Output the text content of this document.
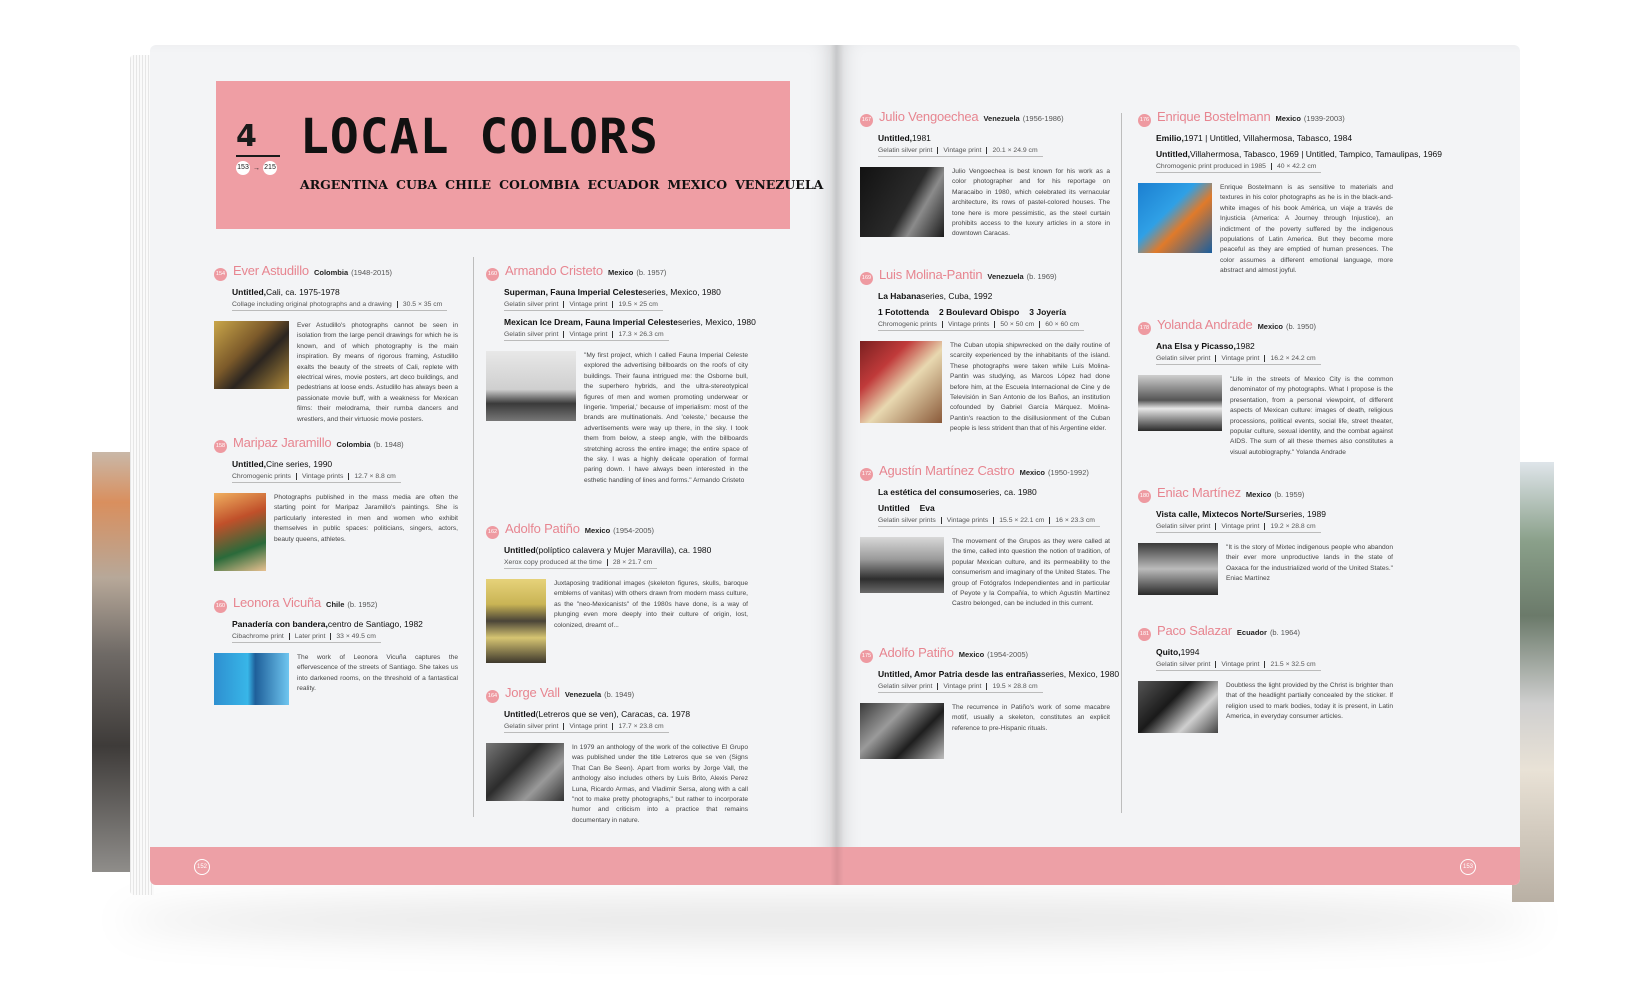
4
153 → 215
LOCAL COLORS
ARGENTINA CUBA CHILE COLOMBIA ECUADOR MEXICO VENEZUELA
154 Ever Astudillo Colombia (1948-2015)
Untitled,Cali, ca. 1975-1978
Collage including original photographs and a drawing	30.5 × 35 cm
Ever Astudillo's photographs cannot be seen in isolation from the large pencil drawings for which he is known, and of which photography is the main inspiration. By means of rigorous framing, Astudillo exalts the beauty of the streets of Cali, replete with electrical wires, movie posters, art deco buildings, and pedestrians at loose ends. Astudillo has always been a passionate movie buff, with a weakness for Mexican films: their melodrama, their rumba dancers and wrestlers, and their virtuosic movie posters.
158 Maripaz Jaramillo Colombia (b. 1948)
Untitled,Cine series, 1990
Chromogenic prints	Vintage prints	12.7 × 8.8 cm
Photographs published in the mass media are often the starting point for Maripaz Jaramillo's paintings. She is particularly interested in men and women who exhibit themselves in public spaces: politicians, singers, actors, beauty queens, athletes.
160 Leonora Vicuña Chile (b. 1952)
Panadería con bandera,centro de Santiago, 1982
Cibachrome print	Later print	33 × 49.5 cm
The work of Leonora Vicuña captures the effervescence of the streets of Santiago. She takes us into darkened rooms, on the threshold of a fantastical reality.
160 Armando Cristeto Mexico (b. 1957)
Superman, Fauna Imperial Celesteseries, Mexico, 1980
Gelatin silver print	Vintage print	19.5 × 25 cm
Mexican Ice Dream, Fauna Imperial Celesteseries, Mexico, 1980
Gelatin silver print	Vintage print	17.3 × 26.3 cm
"My first project, which I called Fauna Imperial Celeste explored the advertising billboards on the roofs of city buildings. Their fauna intrigued me: the Osborne bull, the superhero hybrids, and the ultra-stereotypical figures of men and women promoting underwear or lingerie. 'Imperial,' because of imperialism: most of the brands are multinationals. And 'celeste,' because the advertisements were way up there, in the sky. I took them from below, a steep angle, with the billboards stretching across the entire image; the entire space of the sky. I was a highly delicate operation of formal paring down. I have always been interested in the esthetic handling of lines and forms." Armando Cristeto
162 Adolfo Patiño Mexico (1954-2005)
Untitled(políptico calavera y Mujer Maravilla), ca. 1980
Xerox copy produced at the time	28 × 21.7 cm
Juxtaposing traditional images (skeleton figures, skulls, baroque emblems of vanitas) with others drawn from modern mass culture, as the "neo-Mexicanists" of the 1980s have done, is a way of plunging even more deeply into their culture of origin, lost, colonized, dreamt of...
164 Jorge Vall Venezuela (b. 1949)
Untitled(Letreros que se ven), Caracas, ca. 1978
Gelatin silver print	Vintage print	17.7 × 23.8 cm
In 1979 an anthology of the work of the collective El Grupo was published under the title Letreros que se ven (Signs That Can Be Seen). Apart from works by Jorge Vall, the anthology also includes others by Luis Brito, Alexis Perez Luna, Ricardo Armas, and Vladimir Sersa, along with a call "not to make pretty photographs," but rather to incorporate humor and criticism into a practice that remains documentary in nature.
152
167 Julio Vengoechea Venezuela (1956-1986)
Untitled,1981
Gelatin silver print	Vintage print	20.1 × 24.9 cm
Julio Vengoechea is best known for his work as a color photographer and for his reportage on Maracaibo in 1980, which celebrated its vernacular architecture, its rows of pastel-colored houses. The tone here is more pessimistic, as the steel curtain prohibits access to the luxury articles in a store in downtown Caracas.
169 Luis Molina-Pantin Venezuela (b. 1969)
La Habanaseries, Cuba, 1992
1 Fotottenda 2 Boulevard Obispo 3 Joyería
Chromogenic prints	Vintage prints	50 × 50 cm	60 × 60 cm
The Cuban utopia shipwrecked on the daily routine of scarcity experienced by the inhabitants of the island. These photographs were taken while Luis Molina-Pantin was studying, as Marcos López had done before him, at the Escuela Internacional de Cine y de Televisión in San Antonio de los Baños, an institution cofounded by Gabriel García Márquez. Molina-Pantin's reaction to the disillusionment of the Cuban people is less strident than that of his Argentine elder.
172 Agustín Martínez Castro Mexico (1950-1992)
La estética del consumoseries, ca. 1980
Untitled Eva
Gelatin silver prints	Vintage prints	15.5 × 22.1 cm	16 × 23.3 cm
The movement of the Grupos as they were called at the time, called into question the notion of tradition, of popular Mexican culture, and its permeability to the consumerism and imaginary of the United States. The group of Fotógrafos Independientes and in particular of Peyote y la Compañía, to which Agustín Martínez Castro belonged, can be included in this current.
175 Adolfo Patiño Mexico (1954-2005)
Untitled, Amor Patria desde las entrañasseries, Mexico, 1980
Gelatin silver print	Vintage print	19.5 × 28.8 cm
The recurrence in Patiño's work of some macabre motif, usually a skeleton, constitutes an explicit reference to pre-Hispanic rituals.
176 Enrique Bostelmann Mexico (1939-2003)
Emilio,1971 | Untitled, Villahermosa, Tabasco, 1984
Untitled,Villahermosa, Tabasco, 1969 | Untitled, Tampico, Tamaulipas, 1969
Chromogenic print produced in 1985	40 × 42.2 cm
Enrique Bostelmann is as sensitive to materials and textures in his color photographs as he is in the black-and-white images of his book América, un viaje a través de Injusticia (America: A Journey through Injustice), an indictment of the poverty suffered by the indigenous populations of Latin America. But they become more peaceful as they are emptied of human presences. The color assumes a different emotional language, more abstract and almost joyful.
178 Yolanda Andrade Mexico (b. 1950)
Ana Elsa y Picasso,1982
Gelatin silver print	Vintage print	16.2 × 24.2 cm
"Life in the streets of Mexico City is the common denominator of my photographs. What I propose is the presentation, from a personal viewpoint, of different aspects of Mexican culture: images of death, religious processions, political events, social life, street theater, popular culture, sexual identity, and the combat against AIDS. The sum of all these themes also constitutes a visual autobiography." Yolanda Andrade
180 Eniac Martínez Mexico (b. 1959)
Vista calle, Mixtecos Norte/Surseries, 1989
Gelatin silver print	Vintage print	19.2 × 28.8 cm
"It is the story of Mixtec indigenous people who abandon their ever more unproductive lands in the state of Oaxaca for the industrialized world of the United States." Eniac Martínez
181 Paco Salazar Ecuador (b. 1964)
Quito,1994
Gelatin silver print	Vintage print	21.5 × 32.5 cm
Doubtless the light provided by the Christ is brighter than that of the headlight partially concealed by the sticker. If religion used to mark bodies, today it is present, in Latin America, in everyday consumer articles.
153
